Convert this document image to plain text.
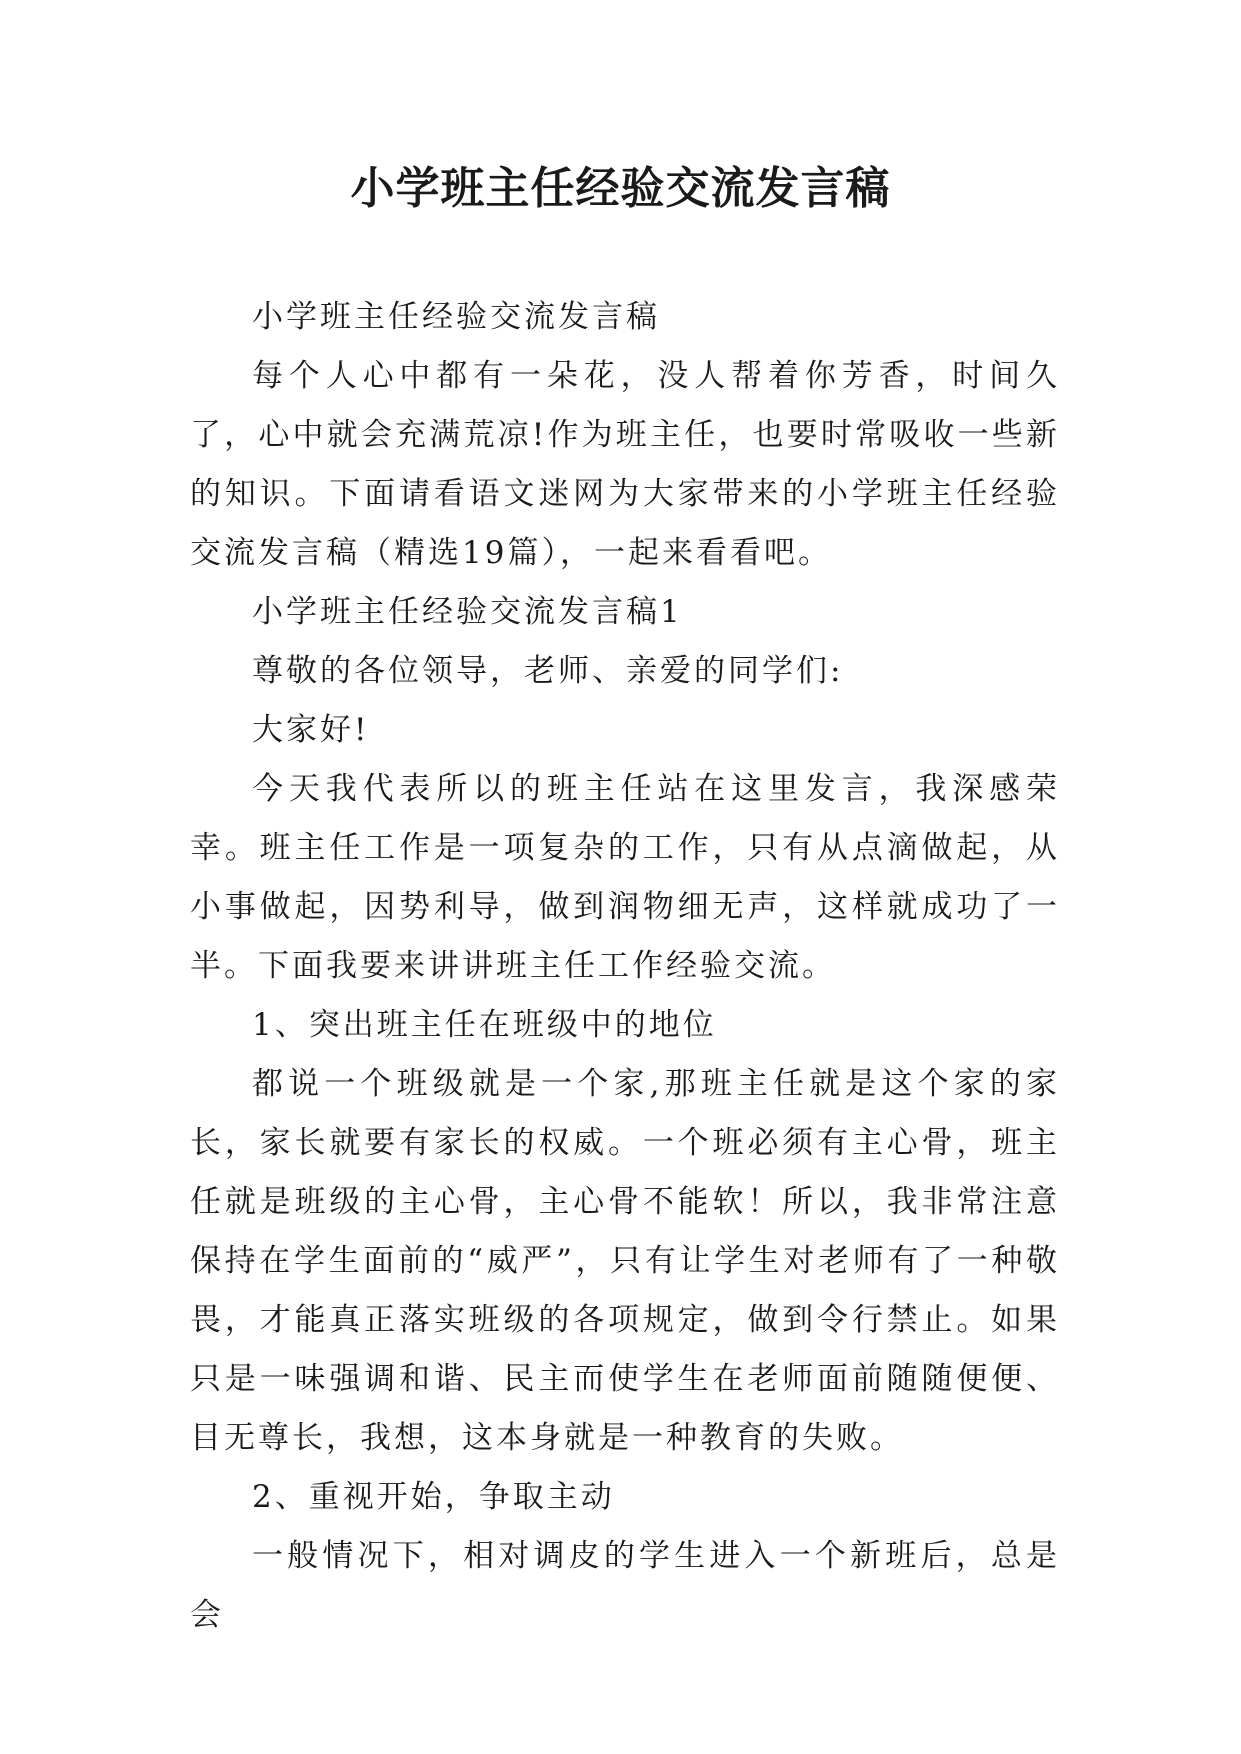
小学班主任经验交流发言稿

小学班主任经验交流发言稿

每个人心中都有一朵花，没人帮着你芳香，时间久了，心中就会充满荒凉!作为班主任，也要时常吸收一些新的知识。下面请看语文迷网为大家带来的小学班主任经验交流发言稿（精选19篇），一起来看看吧。

小学班主任经验交流发言稿1

尊敬的各位领导，老师、亲爱的同学们:

大家好!

今天我代表所以的班主任站在这里发言，我深感荣幸。班主任工作是一项复杂的工作，只有从点滴做起，从小事做起，因势利导，做到润物细无声，这样就成功了一半。下面我要来讲讲班主任工作经验交流。

1、突出班主任在班级中的地位

都说一个班级就是一个家,那班主任就是这个家的家长，家长就要有家长的权威。一个班必须有主心骨，班主任就是班级的主心骨，主心骨不能软！所以，我非常注意保持在学生面前的“威严”，只有让学生对老师有了一种敬畏，才能真正落实班级的各项规定，做到令行禁止。如果只是一味强调和谐、民主而使学生在老师面前随随便便、目无尊长，我想，这本身就是一种教育的失败。

2、重视开始，争取主动

一般情况下，相对调皮的学生进入一个新班后，总是会
